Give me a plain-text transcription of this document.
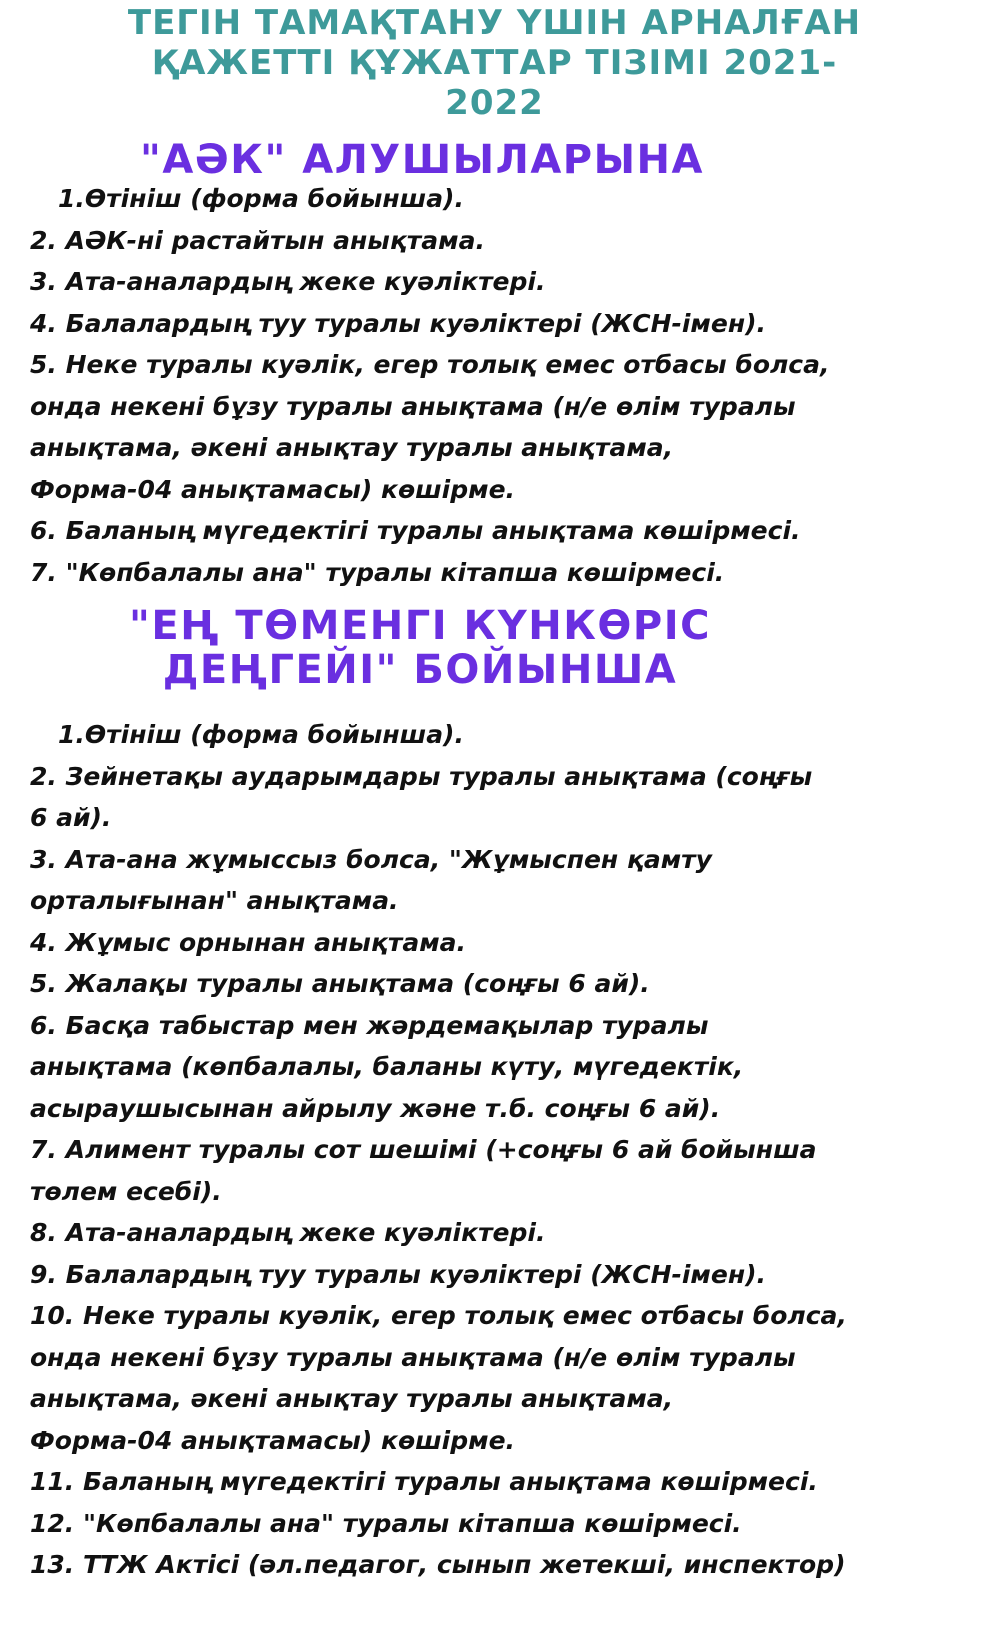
ТЕГІН ТАМАҚТАНУ ҮШІН АРНАЛҒАН
ҚАЖЕТТІ ҚҰЖАТТАР ТІЗІМІ 2021-
2022
"АӘК" АЛУШЫЛАРЫНА
1.Өтініш (форма бойынша).
2. АӘК-ні растайтын анықтама.
3. Ата-аналардың жеке куәліктері.
4. Балалардың туу туралы куәліктері (ЖСН-імен).
5. Неке туралы куәлік, егер толық емес отбасы болса,
онда некені бұзу туралы анықтама (н/е өлім туралы
анықтама, әкені анықтау туралы анықтама,
Форма-04 анықтамасы) көшірме.
6. Баланың мүгедектігі туралы анықтама көшірмесі.
7. "Көпбалалы ана" туралы кітапша көшірмесі.
"ЕҢ ТӨМЕНГІ КҮНКӨРІС
ДЕҢГЕЙІ" БОЙЫНША
1.Өтініш (форма бойынша).
2. Зейнетақы аударымдары туралы анықтама (соңғы
6 ай).
3. Ата-ана жұмыссыз болса, "Жұмыспен қамту
орталығынан" анықтама.
4. Жұмыс орнынан анықтама.
5. Жалақы туралы анықтама (соңғы 6 ай).
6. Басқа табыстар мен жәрдемақылар туралы
анықтама (көпбалалы, баланы күту, мүгедектік,
асыраушысынан айрылу және т.б. соңғы 6 ай).
7. Алимент туралы сот шешімі (+соңғы 6 ай бойынша
төлем есебі).
8. Ата-аналардың жеке куәліктері.
9. Балалардың туу туралы куәліктері (ЖСН-імен).
10. Неке туралы куәлік, егер толық емес отбасы болса,
онда некені бұзу туралы анықтама (н/е өлім туралы
анықтама, әкені анықтау туралы анықтама,
Форма-04 анықтамасы) көшірме.
11. Баланың мүгедектігі туралы анықтама көшірмесі.
12. "Көпбалалы ана" туралы кітапша көшірмесі.
13. ТТЖ Актісі (әл.педагог, сынып жетекші, инспектор)
